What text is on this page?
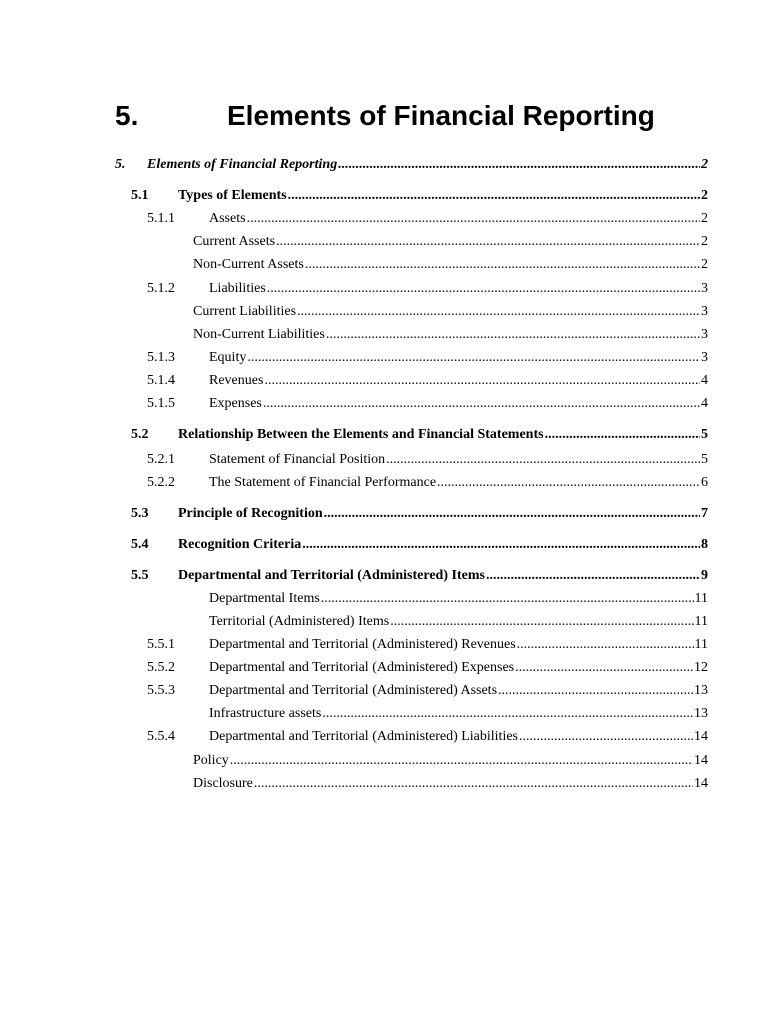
5.	Elements of Financial Reporting
5. Elements of Financial Reporting .....	2
5.1 Types of Elements .....	2
5.1.1 Assets .....	2
Current Assets .....	2
Non-Current Assets .....	2
5.1.2 Liabilities .....	3
Current Liabilities .....	3
Non-Current Liabilities .....	3
5.1.3 Equity .....	3
5.1.4 Revenues .....	4
5.1.5 Expenses .....	4
5.2 Relationship Between the Elements and Financial Statements .....	5
5.2.1 Statement of Financial Position .....	5
5.2.2 The Statement of Financial Performance .....	6
5.3 Principle of Recognition .....	7
5.4 Recognition Criteria .....	8
5.5 Departmental and Territorial (Administered) Items .....	9
Departmental Items .....	11
Territorial (Administered) Items .....	11
5.5.1 Departmental and Territorial (Administered) Revenues .....	11
5.5.2 Departmental and Territorial (Administered) Expenses .....	12
5.5.3 Departmental and Territorial (Administered) Assets .....	13
Infrastructure assets .....	13
5.5.4 Departmental and Territorial (Administered) Liabilities .....	14
Policy .....	14
Disclosure .....	14
